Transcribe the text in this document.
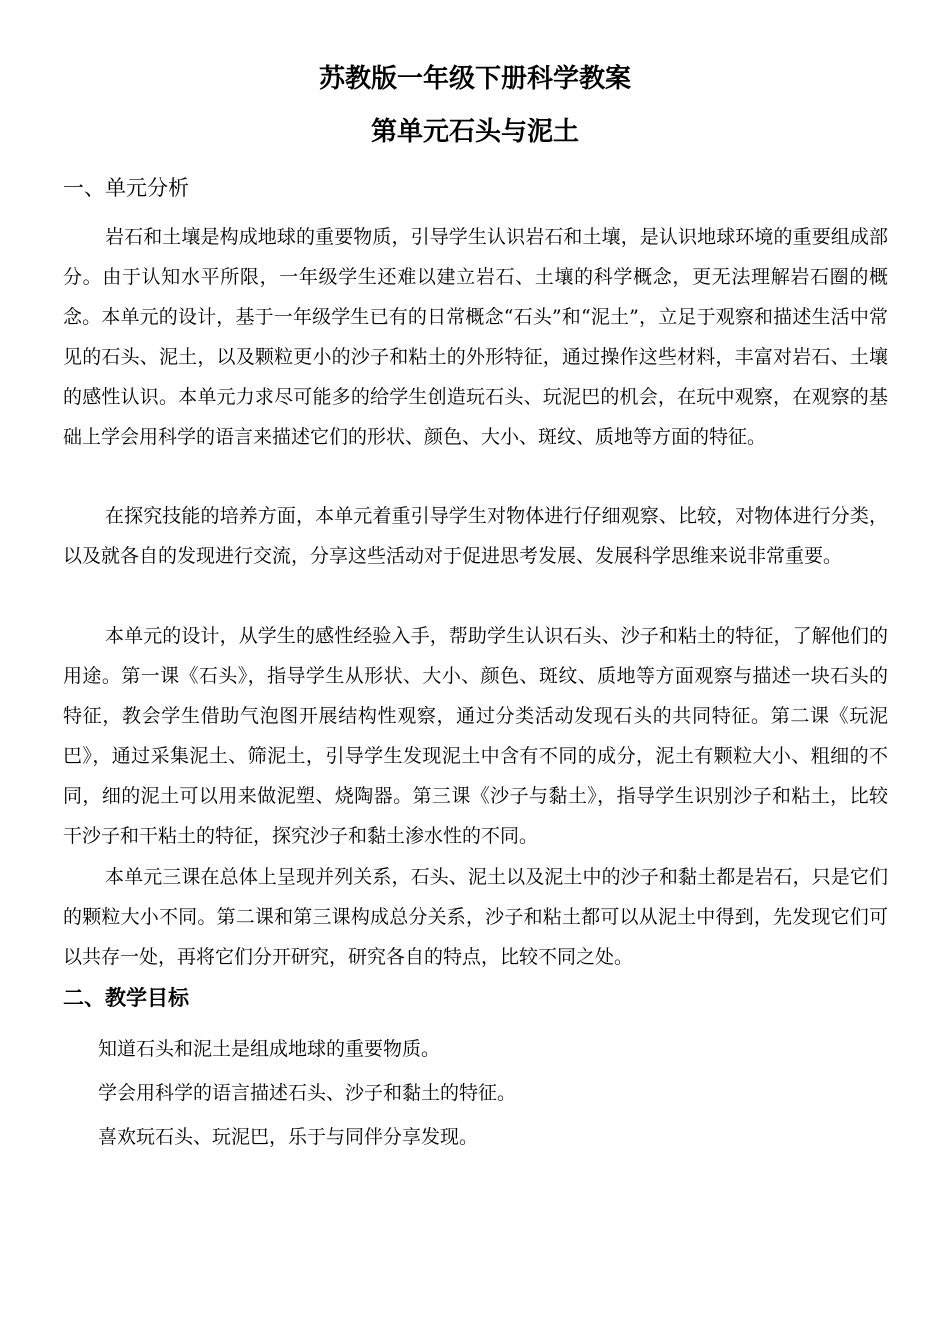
苏教版一年级下册科学教案
第单元石头与泥土
一、单元分析

岩石和土壤是构成地球的重要物质，引导学生认识岩石和土壤，是认识地球环境的重要组成部分。由于认知水平所限，一年级学生还难以建立岩石、土壤的科学概念，更无法理解岩石圈的概念。本单元的设计，基于一年级学生已有的日常概念“石头”和“泥土”，立足于观察和描述生活中常见的石头、泥土，以及颗粒更小的沙子和粘土的外形特征，通过操作这些材料，丰富对岩石、土壤的感性认识。本单元力求尽可能多的给学生创造玩石头、玩泥巴的机会，在玩中观察，在观察的基础上学会用科学的语言来描述它们的形状、颜色、大小、斑纹、质地等方面的特征。

在探究技能的培养方面，本单元着重引导学生对物体进行仔细观察、比较，对物体进行分类，以及就各自的发现进行交流，分享这些活动对于促进思考发展、发展科学思维来说非常重要。

本单元的设计，从学生的感性经验入手，帮助学生认识石头、沙子和粘土的特征，了解他们的用途。第一课《石头》，指导学生从形状、大小、颜色、斑纹、质地等方面观察与描述一块石头的特征，教会学生借助气泡图开展结构性观察，通过分类活动发现石头的共同特征。第二课《玩泥巴》，通过采集泥土、筛泥土，引导学生发现泥土中含有不同的成分，泥土有颗粒大小、粗细的不同，细的泥土可以用来做泥塑、烧陶器。第三课《沙子与黏土》，指导学生识别沙子和粘土，比较干沙子和干粘土的特征，探究沙子和黏土渗水性的不同。

本单元三课在总体上呈现并列关系，石头、泥土以及泥土中的沙子和黏土都是岩石，只是它们的颗粒大小不同。第二课和第三课构成总分关系，沙子和粘土都可以从泥土中得到，先发现它们可以共存一处，再将它们分开研究，研究各自的特点，比较不同之处。

二、教学目标
知道石头和泥土是组成地球的重要物质。
学会用科学的语言描述石头、沙子和黏土的特征。
喜欢玩石头、玩泥巴，乐于与同伴分享发现。
